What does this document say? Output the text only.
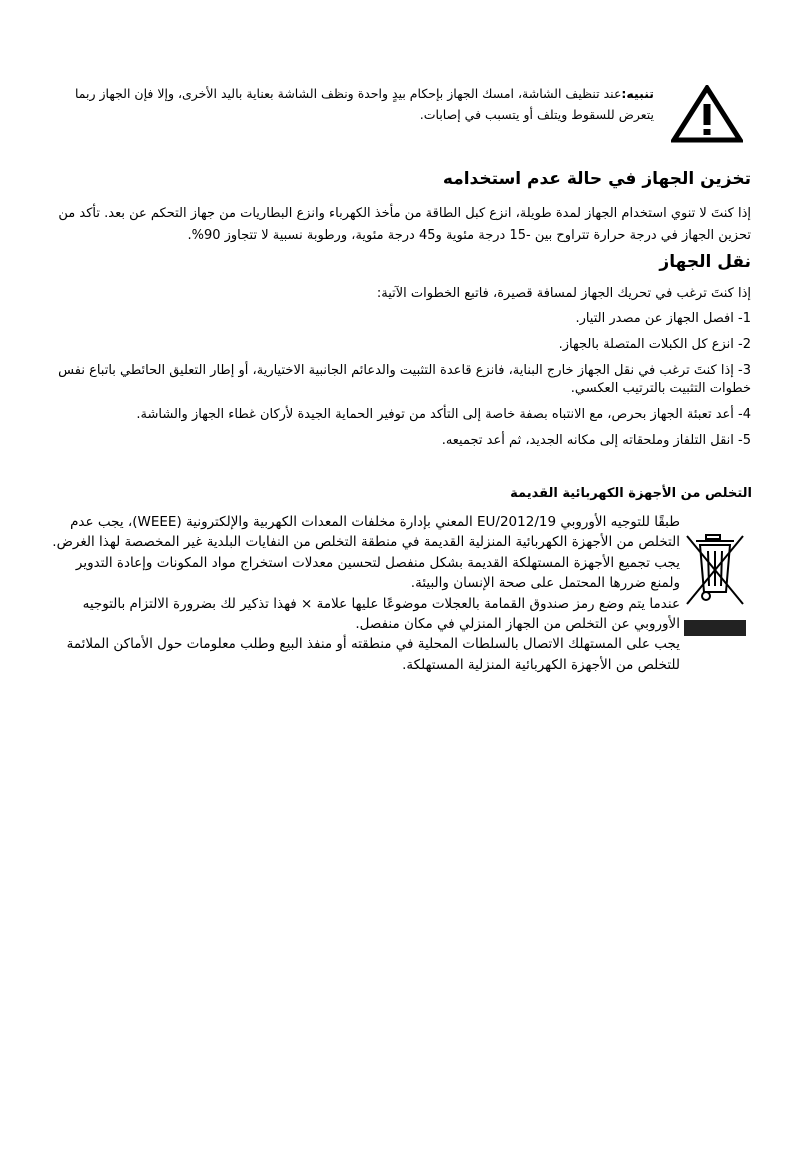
تنبيه:عند تنظيف الشاشة، امسك الجهاز بإحكام بيدٍ واحدة ونظف الشاشة بعناية باليد الأخرى، وإلا فإن الجهاز ربما يتعرض للسقوط ويتلف أو يتسبب في إصابات.
تخزين الجهاز في حالة عدم استخدامه
إذا كنتَ لا تنوي استخدام الجهاز لمدة طويلة، انزع كبل الطاقة من مأخذ الكهرباء وانزع البطاريات من جهاز التحكم عن بعد. تأكد من تحزين الجهاز في درجة حرارة تتراوح بين -15 درجة مئوية و45 درجة مئوية، ورطوبة نسبية لا تتجاوز 90%.
نقل الجهاز
إذا كنتَ ترغب في تحريك الجهاز لمسافة قصيرة، فاتبع الخطوات الآتية:
1- افصل الجهاز عن مصدر التيار.
2- انزع كل الكبلات المتصلة بالجهاز.
3- إذا كنتَ ترغب في نقل الجهاز خارج البناية، فانزع قاعدة التثبيت والدعائم الجانبية الاختيارية، أو إطار التعليق الحائطي باتباع نفس خطوات التثبيت بالترتيب العكسي.
4- أعد تعبئة الجهاز بحرص، مع الانتباه بصفة خاصة إلى التأكد من توفير الحماية الجيدة لأركان غطاء الجهاز والشاشة.
5- انقل التلفاز وملحقاته إلى مكانه الجديد، ثم أعد تجميعه.
التخلص من الأجهزة الكهربائية القديمة
طبقًا للتوجيه الأوروبي EU/2012/19 المعني بإدارة مخلفات المعدات الكهربية والإلكترونية (WEEE)، يجب عدم التخلص من الأجهزة الكهربائية المنزلية القديمة في منطقة التخلص من النفايات البلدية غير المخصصة لهذا الغرض. يجب تجميع الأجهزة المستهلكة القديمة بشكل منفصل لتحسين معدلات استخراج مواد المكونات وإعادة التدوير ولمنع ضررها المحتمل على صحة الإنسان والبيئة.
عندما يتم وضع رمز صندوق القمامة بالعجلات موضوعًا عليها علامة × فهذا تذكير لك بضرورة الالتزام بالتوجيه الأوروبي عن التخلص من الجهاز المنزلي في مكان منفصل.
يجب على المستهلك الاتصال بالسلطات المحلية في منطقته أو منفذ البيع وطلب معلومات حول الأماكن الملائمة للتخلص من الأجهزة الكهربائية المنزلية المستهلكة.
